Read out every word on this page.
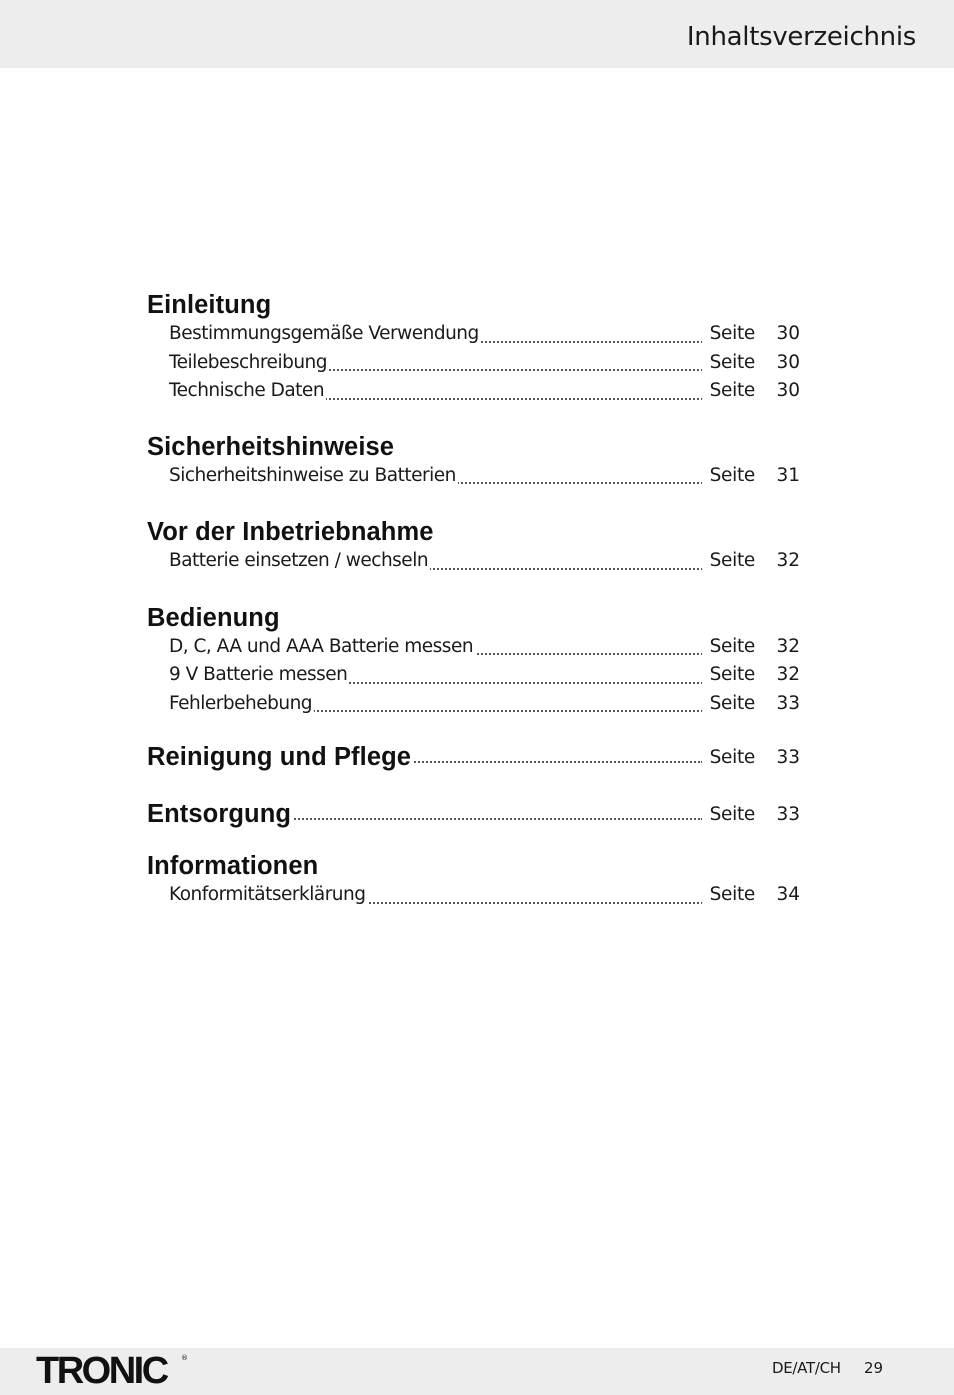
Inhaltsverzeichnis
Einleitung
Bestimmungsgemäße Verwendung	Seite	30
Teilebeschreibung	Seite	30
Technische Daten	Seite	30
Sicherheitshinweise
Sicherheitshinweise zu Batterien	Seite	31
Vor der Inbetriebnahme
Batterie einsetzen / wechseln	Seite	32
Bedienung
D, C, AA und AAA Batterie messen	Seite	32
9 V Batterie messen	Seite	32
Fehlerbehebung	Seite	33
Reinigung und Pflege	Seite	33
Entsorgung	Seite	33
Informationen
Konformitätserklärung	Seite	34
TRONIC ®
DE/AT/CH 29
